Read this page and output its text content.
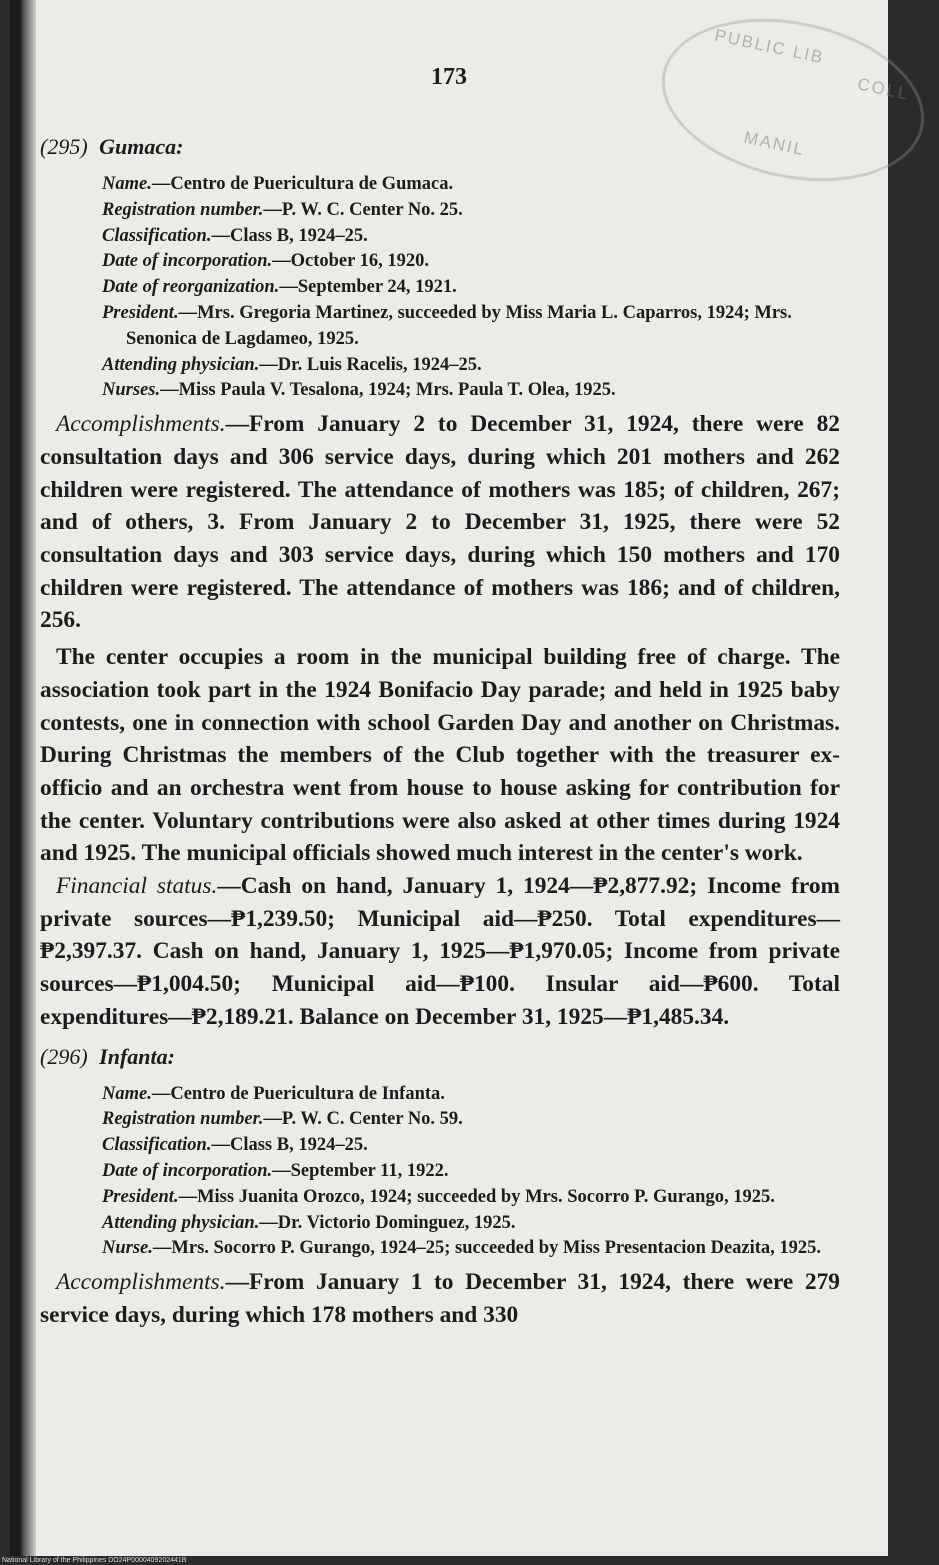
PUBLIC LIB
COLL
MANIL
173
(295) Gumaca:
Name.—Centro de Puericultura de Gumaca.
Registration number.—P. W. C. Center No. 25.
Classification.—Class B, 1924–25.
Date of incorporation.—October 16, 1920.
Date of reorganization.—September 24, 1921.
President.—Mrs. Gregoria Martinez, succeeded by Miss Maria L. Caparros, 1924; Mrs. Senonica de Lagdameo, 1925.
Attending physician.—Dr. Luis Racelis, 1924–25.
Nurses.—Miss Paula V. Tesalona, 1924; Mrs. Paula T. Olea, 1925.

Accomplishments.—From January 2 to December 31, 1924, there were 82 consultation days and 306 service days, during which 201 mothers and 262 children were registered. The attendance of mothers was 185; of children, 267; and of others, 3. From January 2 to December 31, 1925, there were 52 consultation days and 303 service days, during which 150 mothers and 170 children were registered. The attendance of mothers was 186; and of children, 256.

The center occupies a room in the municipal building free of charge. The association took part in the 1924 Bonifacio Day parade; and held in 1925 baby contests, one in connection with school Garden Day and another on Christmas. During Christmas the members of the Club together with the treasurer ex-officio and an orchestra went from house to house asking for contribution for the center. Voluntary contributions were also asked at other times during 1924 and 1925. The municipal officials showed much interest in the center's work.

Financial status.—Cash on hand, January 1, 1924—₱2,877.92; Income from private sources—₱1,239.50; Municipal aid—₱250. Total expenditures—₱2,397.37. Cash on hand, January 1, 1925—₱1,970.05; Income from private sources—₱1,004.50; Municipal aid—₱100. Insular aid—₱600. Total expenditures—₱2,189.21. Balance on December 31, 1925—₱1,485.34.

(296) Infanta:
Name.—Centro de Puericultura de Infanta.
Registration number.—P. W. C. Center No. 59.
Classification.—Class B, 1924–25.
Date of incorporation.—September 11, 1922.
President.—Miss Juanita Orozco, 1924; succeeded by Mrs. Socorro P. Gurango, 1925.
Attending physician.—Dr. Victorio Dominguez, 1925.
Nurse.—Mrs. Socorro P. Gurango, 1924–25; succeeded by Miss Presentacion Deazita, 1925.

Accomplishments.—From January 1 to December 31, 1924, there were 279 service days, during which 178 mothers and 330

National Library of the Philippines DO24P0000409202441B
